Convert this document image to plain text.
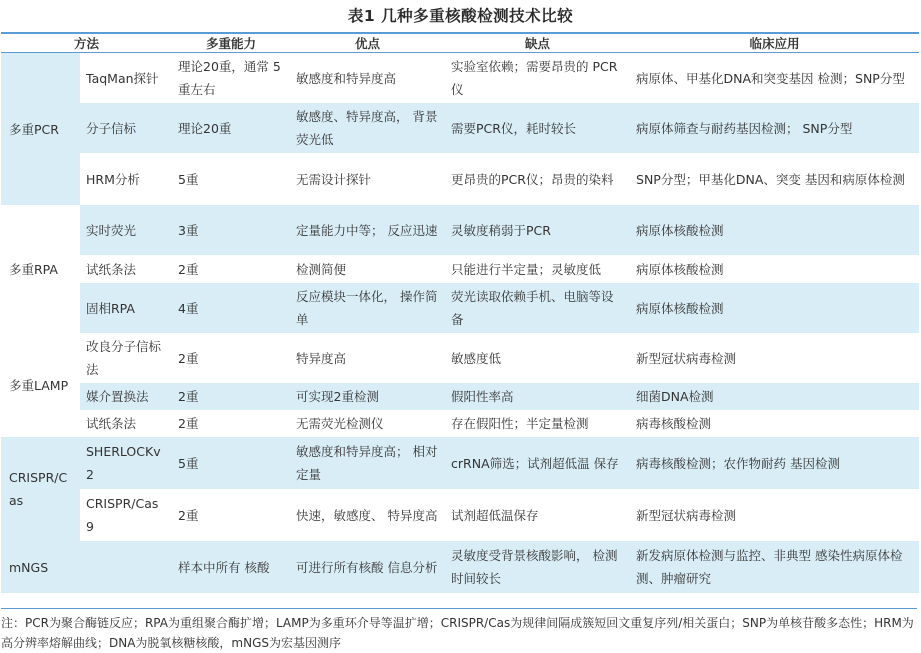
表1 几种多重核酸检测技术比较
方法		多重能力	优点	缺点	临床应用
多重PCR	TaqMan探针	理论20重，通常 5 重左右	敏感度和特异度高	实验室依赖；需要昂贵的 PCR仪	病原体、甲基化DNA和突变基因 检测；SNP分型
	分子信标	理论20重	敏感度、特异度高， 背景荧光低	需要PCR仪，耗时较长	病原体筛查与耐药基因检测； SNP分型
	HRM分析	5重	无需设计探针	更昂贵的PCR仪；昂贵的染料	SNP分型；甲基化DNA、突变 基因和病原体检测
多重RPA	实时荧光	3重	定量能力中等； 反应迅速	灵敏度稍弱于PCR	病原体核酸检测
	试纸条法	2重	检测简便	只能进行半定量；灵敏度低	病原体核酸检测
	固相RPA	4重	反应模块一体化， 操作简单	荧光读取依赖手机、电脑等设备	病原体核酸检测
多重LAMP	改良分子信标法	2重	特异度高	敏感度低	新型冠状病毒检测
	媒介置换法	2重	可实现2重检测	假阳性率高	细菌DNA检测
	试纸条法	2重	无需荧光检测仪	存在假阳性；半定量检测	病毒核酸检测
CRISPR/Cas	SHERLOCKv2	5重	敏感度和特异度高； 相对定量	crRNA筛选；试剂超低温 保存	病毒核酸检测；农作物耐药 基因检测
	CRISPR/Cas9	2重	快速，敏感度、 特异度高	试剂超低温保存	新型冠状病毒检测
mNGS		样本中所有 核酸	可进行所有核酸 信息分析	灵敏度受背景核酸影响， 检测时间较长	新发病原体检测与监控、非典型 感染性病原体检测、肿瘤研究
注：PCR为聚合酶链反应；RPA为重组聚合酶扩增；LAMP为多重环介导等温扩增；CRISPR/Cas为规律间隔成簇短回文重复序列/相关蛋白；SNP为单核苷酸多态性；HRM为高分辨率熔解曲线；DNA为脱氧核糖核酸，mNGS为宏基因测序
